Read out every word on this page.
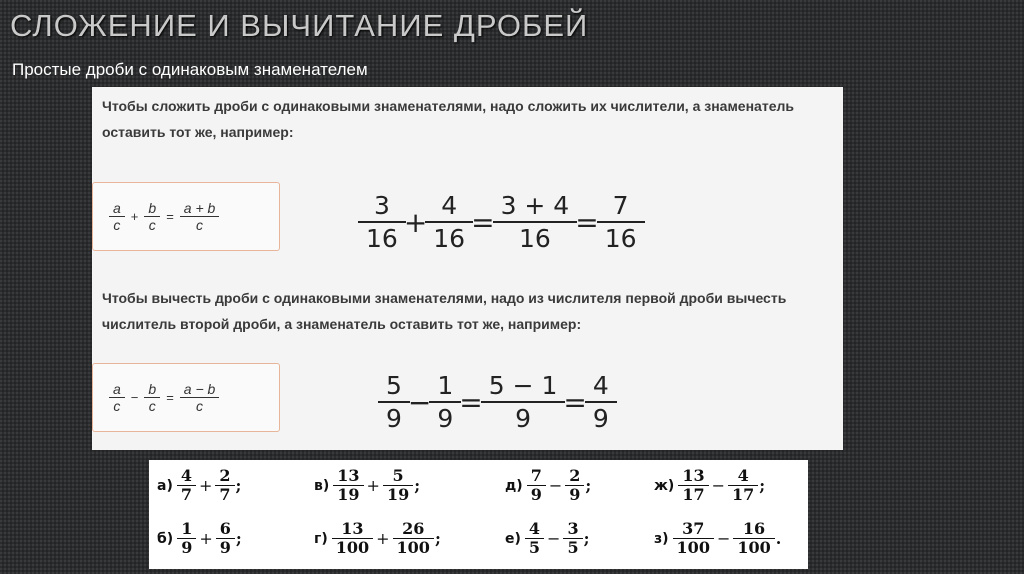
СЛОЖЕНИЕ И ВЫЧИТАНИЕ ДРОБЕЙ
Простые дроби с одинаковым знаменателем
Чтобы сложить дроби с одинаковыми знаменателями, надо сложить их числители, а знаменатель оставить тот же, например:
$\frac{a}{c} + \frac{b}{c} = \frac{a + b}{c}$	$\frac{3}{16} + \frac{4}{16} = \frac{3 + 4}{16} = \frac{7}{16}$
Чтобы вычесть дроби с одинаковыми знаменателями, надо из числителя первой дроби вычесть числитель второй дроби, а знаменатель оставить тот же, например:
$\frac{a}{c} - \frac{b}{c} = \frac{a - b}{c}$	$\frac{5}{9} - \frac{1}{9} = \frac{5 - 1}{9} = \frac{4}{9}$
$а) \frac{4}{7} + \frac{2}{7}$ ;	$в) \frac{13}{19} + \frac{5}{19}$ ;	$д) \frac{7}{9} - \frac{2}{9}$ ;	$ж) \frac{13}{17} - \frac{4}{17}$ ;
$б) \frac{1}{9} + \frac{6}{9}$ ;	$г) \frac{13}{100} + \frac{26}{100}$ ;	$е) \frac{4}{5} - \frac{3}{5}$ ;	$з) \frac{37}{100} - \frac{16}{100}$ .
